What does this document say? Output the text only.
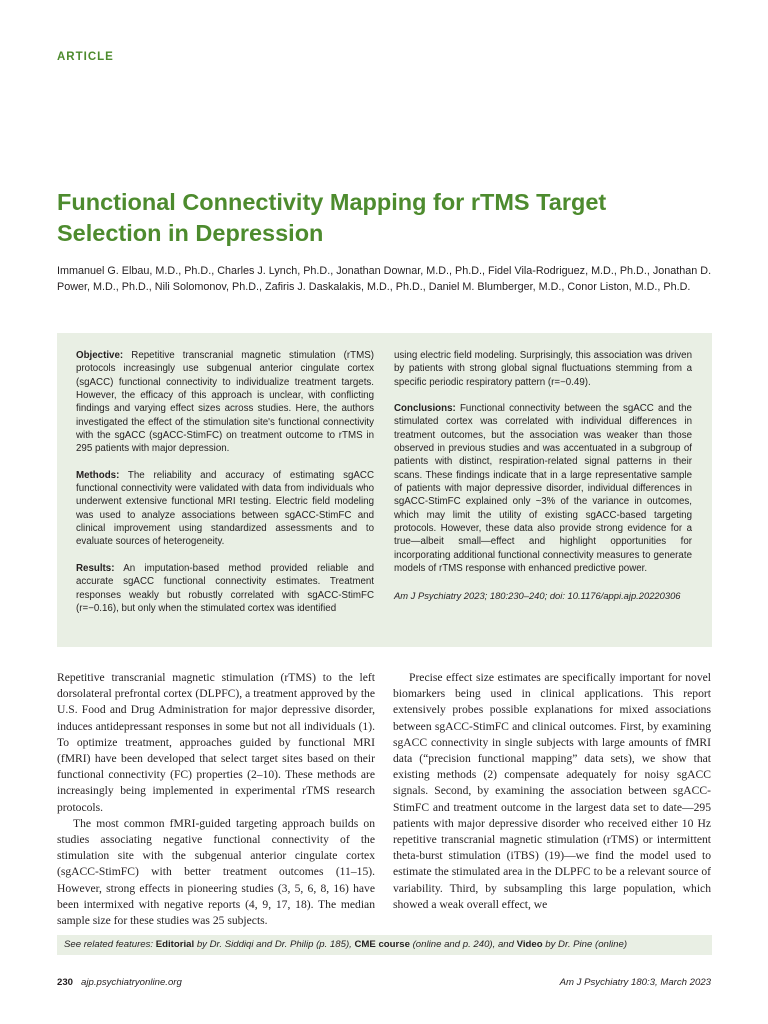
ARTICLE
Functional Connectivity Mapping for rTMS Target Selection in Depression

Immanuel G. Elbau, M.D., Ph.D., Charles J. Lynch, Ph.D., Jonathan Downar, M.D., Ph.D., Fidel Vila-Rodriguez, M.D., Ph.D., Jonathan D. Power, M.D., Ph.D., Nili Solomonov, Ph.D., Zafiris J. Daskalakis, M.D., Ph.D., Daniel M. Blumberger, M.D., Conor Liston, M.D., Ph.D.

Objective: Repetitive transcranial magnetic stimulation (rTMS) protocols increasingly use subgenual anterior cingulate cortex (sgACC) functional connectivity to individualize treatment targets. However, the efficacy of this approach is unclear, with conflicting findings and varying effect sizes across studies. Here, the authors investigated the effect of the stimulation site's functional connectivity with the sgACC (sgACC-StimFC) on treatment outcome to rTMS in 295 patients with major depression.

Methods: The reliability and accuracy of estimating sgACC functional connectivity were validated with data from individuals who underwent extensive functional MRI testing. Electric field modeling was used to analyze associations between sgACC-StimFC and clinical improvement using standardized assessments and to evaluate sources of heterogeneity.

Results: An imputation-based method provided reliable and accurate sgACC functional connectivity estimates. Treatment responses weakly but robustly correlated with sgACC-StimFC (r=−0.16), but only when the stimulated cortex was identified

using electric field modeling. Surprisingly, this association was driven by patients with strong global signal fluctuations stemming from a specific periodic respiratory pattern (r=−0.49).

Conclusions: Functional connectivity between the sgACC and the stimulated cortex was correlated with individual differences in treatment outcomes, but the association was weaker than those observed in previous studies and was accentuated in a subgroup of patients with distinct, respiration-related signal patterns in their scans. These findings indicate that in a large representative sample of patients with major depressive disorder, individual differences in sgACC-StimFC explained only ~3% of the variance in outcomes, which may limit the utility of existing sgACC-based targeting protocols. However, these data also provide strong evidence for a true—albeit small—effect and highlight opportunities for incorporating additional functional connectivity measures to generate models of rTMS response with enhanced predictive power.

Am J Psychiatry 2023; 180:230–240; doi: 10.1176/appi.ajp.20220306

Repetitive transcranial magnetic stimulation (rTMS) to the left dorsolateral prefrontal cortex (DLPFC), a treatment approved by the U.S. Food and Drug Administration for major depressive disorder, induces antidepressant responses in some but not all individuals (1). To optimize treatment, approaches guided by functional MRI (fMRI) have been developed that select target sites based on their functional connectivity (FC) properties (2–10). These methods are increasingly being implemented in experimental rTMS research protocols.

The most common fMRI-guided targeting approach builds on studies associating negative functional connectivity of the stimulation site with the subgenual anterior cingulate cortex (sgACC-StimFC) with better treatment outcomes (11–15). However, strong effects in pioneering studies (3, 5, 6, 8, 16) have been intermixed with negative reports (4, 9, 17, 18). The median sample size for these studies was 25 subjects.

Precise effect size estimates are specifically important for novel biomarkers being used in clinical applications. This report extensively probes possible explanations for mixed associations between sgACC-StimFC and clinical outcomes. First, by examining sgACC connectivity in single subjects with large amounts of fMRI data (“precision functional mapping” data sets), we show that existing methods (2) compensate adequately for noisy sgACC signals. Second, by examining the association between sgACC-StimFC and treatment outcome in the largest data set to date—295 patients with major depressive disorder who received either 10 Hz repetitive transcranial magnetic stimulation (rTMS) or intermittent theta-burst stimulation (iTBS) (19)—we find the model used to estimate the stimulated area in the DLPFC to be a relevant source of variability. Third, by subsampling this large population, which showed a weak overall effect, we

See related features: Editorial by Dr. Siddiqi and Dr. Philip (p. 185), CME course (online and p. 240), and Video by Dr. Pine (online)
230 ajp.psychiatryonline.org	Am J Psychiatry 180:3, March 2023
